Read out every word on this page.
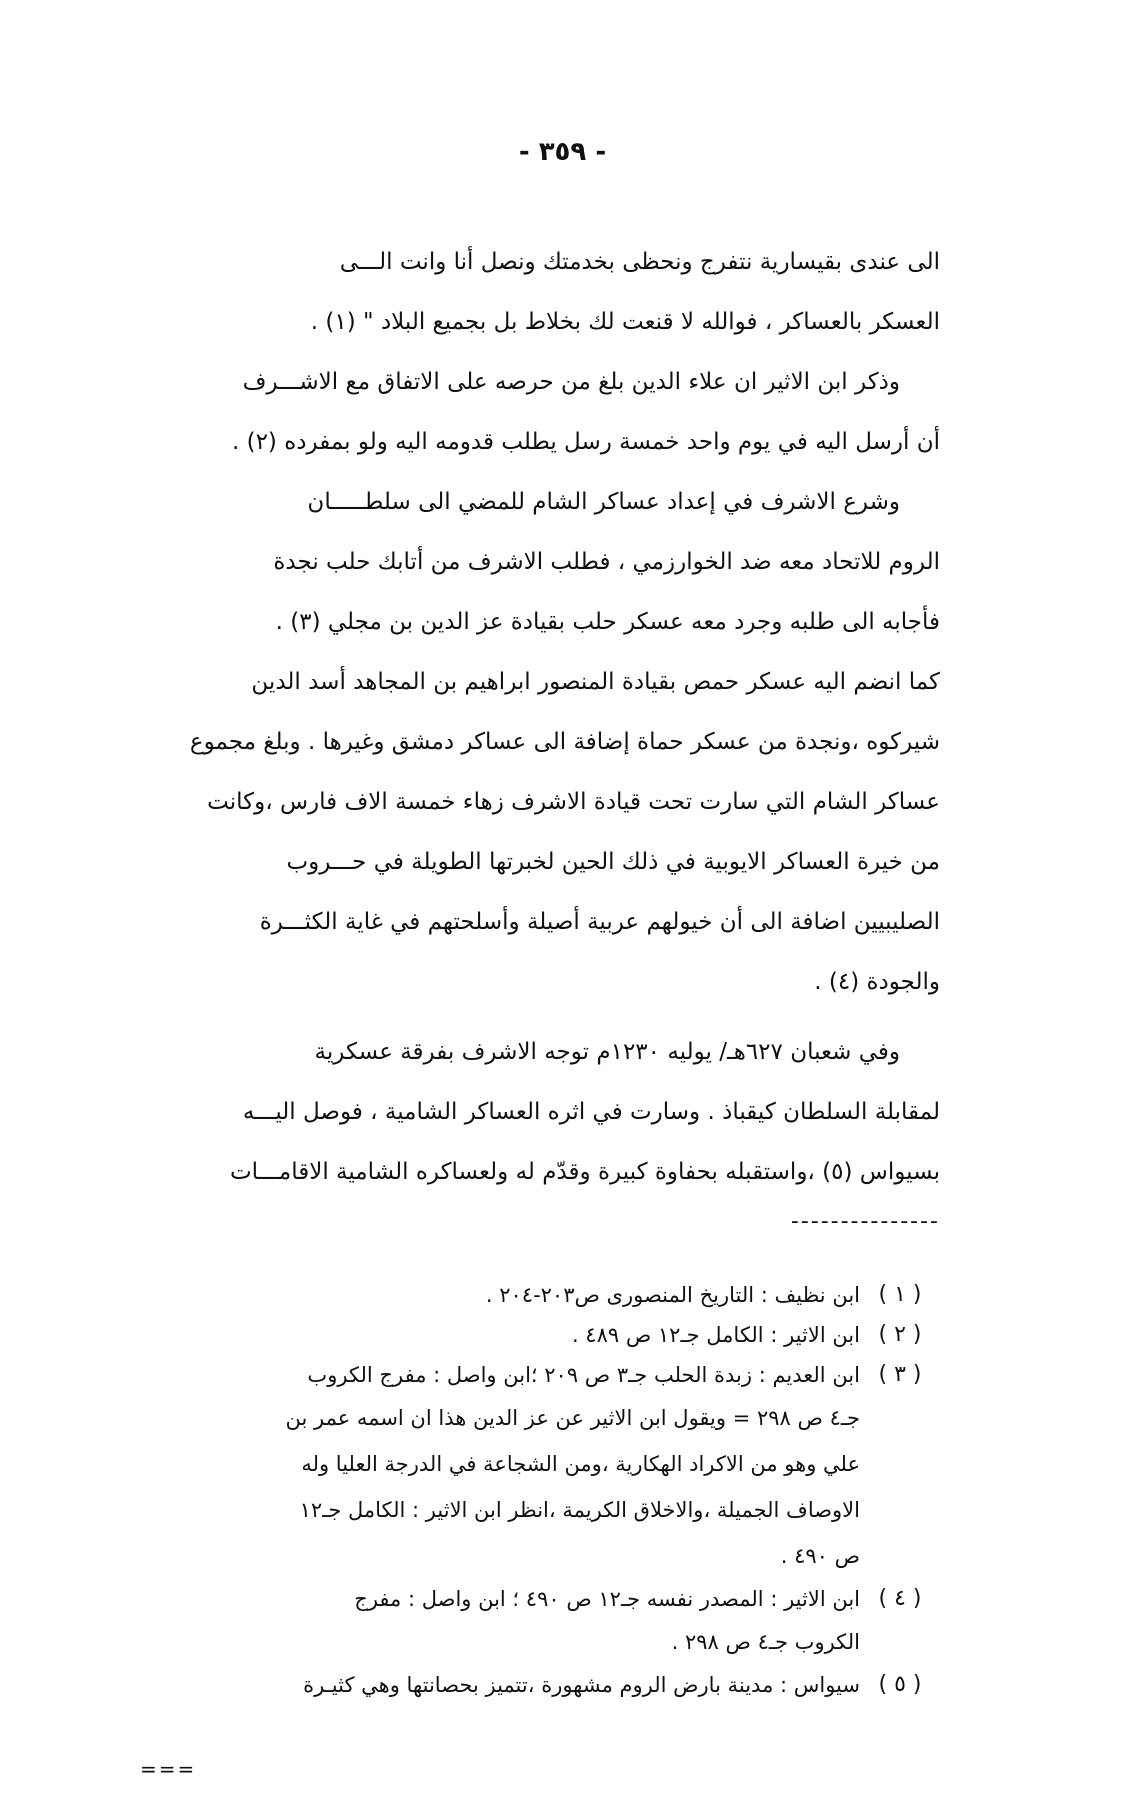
- ٣٥٩ -
الى عندى بقيسارية نتفرج ونحظى بخدمتك ونصل أنا وانت الـــى
العسكر بالعساكر ، فوالله لا قنعت لك بخلاط بل بجميع البلاد " (١) .
وذكر ابن الاثير ان علاء الدين بلغ من حرصه على الاتفاق مع الاشـــرف
أن أرسل اليه في يوم واحد خمسة رسل يطلب قدومه اليه ولو بمفرده (٢) .
وشرع الاشرف في إعداد عساكر الشام للمضي الى سلطـــــان
الروم للاتحاد معه ضد الخوارزمي ، فطلب الاشرف من أتابك حلب نجدة
فأجابه الى طلبه وجرد معه عسكر حلب بقيادة عز الدين بن مجلي (٣) .
كما انضم اليه عسكر حمص بقيادة المنصور ابراهيم بن المجاهد أسد الدين
شيركوه ،ونجدة من عسكر حماة إضافة الى عساكر دمشق وغيرها . وبلغ مجموع
عساكر الشام التي سارت تحت قيادة الاشرف زهاء خمسة الاف فارس ،وكانت
من خيرة العساكر الايوبية في ذلك الحين لخبرتها الطويلة في حـــروب
الصليبيين اضافة الى أن خيولهم عربية أصيلة وأسلحتهم في غاية الكثـــرة
والجودة (٤) .
وفي شعبان ٦٢٧هـ/ يوليه ١٢٣٠م توجه الاشرف بفرقة عسكرية
لمقابلة السلطان كيقباذ . وسارت في اثره العساكر الشامية ، فوصل اليـــه
بسيواس (٥) ،واستقبله بحفاوة كبيرة وقدّم له ولعساكره الشامية الاقامـــات
---------------
( ١ )
ابن نظيف : التاريخ المنصورى ص٢٠٣-٢٠٤ .
( ٢ )
ابن الاثير : الكامل جـ١٢ ص ٤٨٩ .
( ٣ )
ابن العديم : زبدة الحلب جـ٣ ص ٢٠٩ ؛ابن واصل : مفرج الكروب
جـ٤ ص ٢٩٨ = ويقول ابن الاثير عن عز الدين هذا ان اسمه عمر بن
علي وهو من الاكراد الهكارية ،ومن الشجاعة في الدرجة العليا وله
الاوصاف الجميلة ،والاخلاق الكريمة ،انظر ابن الاثير : الكامل جـ١٢
ص ٤٩٠ .
( ٤ )
ابن الاثير : المصدر نفسه جـ١٢ ص ٤٩٠ ؛ ابن واصل : مفرج
الكروب جـ٤ ص ٢٩٨ .
( ٥ )
سيواس : مدينة بارض الروم مشهورة ،تتميز بحصانتها وهي كثيـرة
===
